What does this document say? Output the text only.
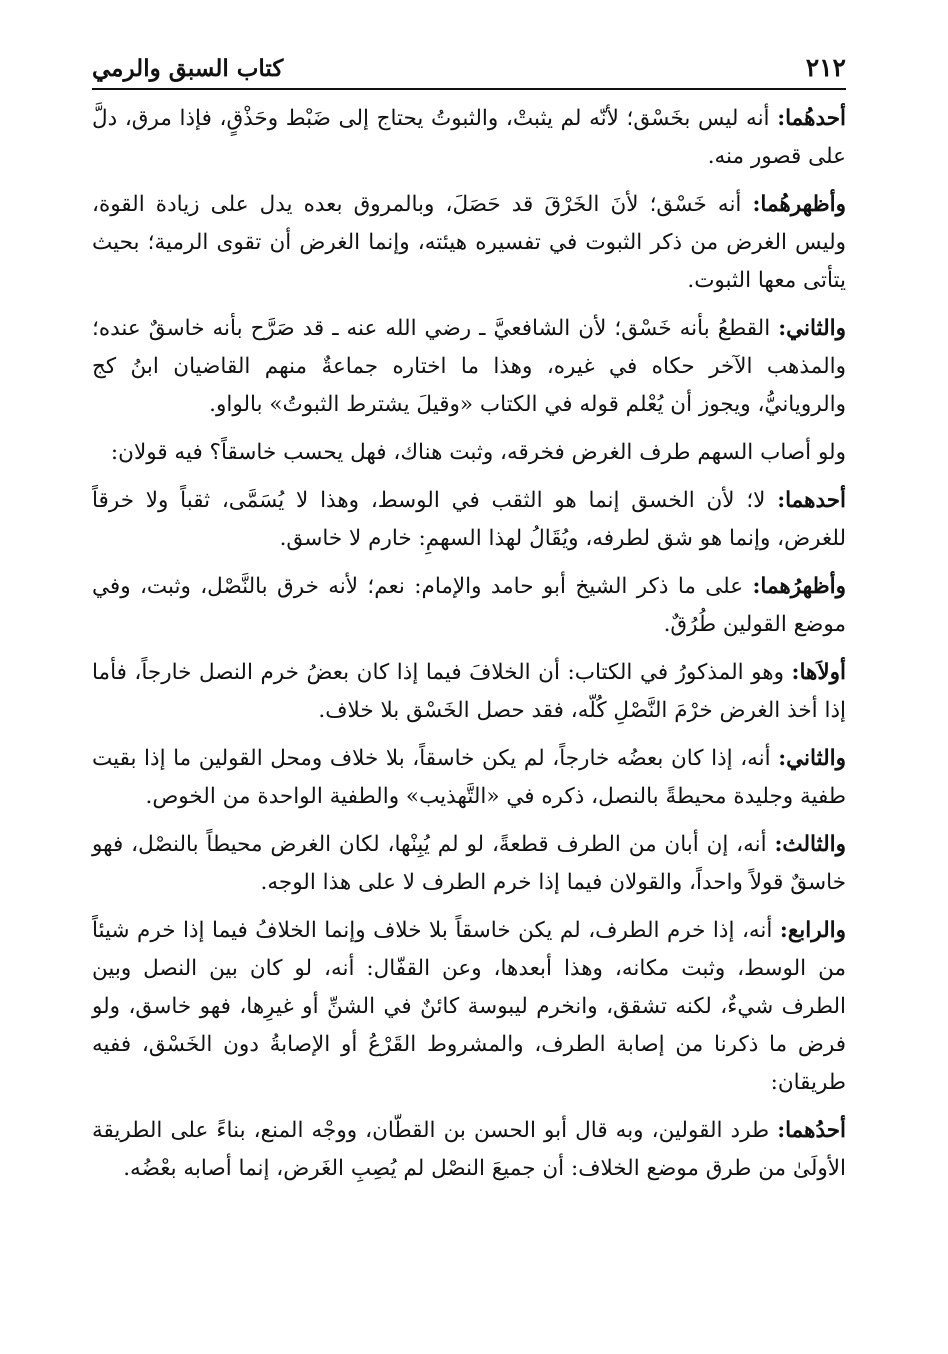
٢١٢
كتاب السبق والرمي

أحدهُما: أنه ليس بخَسْق؛ لأنّه لم يثبتْ، والثبوتُ يحتاج إلى ضَبْط وحَذْقٍ، فإذا مرق، دلَّ على قصور منه.

وأظهرهُما: أنه خَسْق؛ لأنَ الخَرْقَ قد حَصَلَ، وبالمروق بعده يدل على زيادة القوة، وليس الغرض من ذكر الثبوت في تفسيره هيئته، وإنما الغرض أن تقوى الرمية؛ بحيث يتأتى معها الثبوت.

والثاني: القطعُ بأنه خَسْق؛ لأن الشافعيَّ ـ رضي الله عنه ـ قد صَرَّح بأنه خاسقٌ عنده؛ والمذهب الآخر حكاه في غيره، وهذا ما اختاره جماعةٌ منهم القاضيان ابنُ كج والرويانيُّ، ويجوز أن يُعْلم قوله في الكتاب «وقيلَ يشترط الثبوتُ» بالواو.

ولو أصاب السهم طرف الغرض فخرقه، وثبت هناك، فهل يحسب خاسقاً؟ فيه قولان:

أحدهما: لا؛ لأن الخسق إنما هو الثقب في الوسط، وهذا لا يُسَمَّى، ثقباً ولا خرقاً للغرض، وإنما هو شق لطرفه، ويُقَالُ لهذا السهمِ: خارم لا خاسق.

وأظهرُهما: على ما ذكر الشيخ أبو حامد والإمام: نعم؛ لأنه خرق بالنَّصْل، وثبت، وفي موضع القولين طُرُقٌ.

أولاَها: وهو المذكورُ في الكتاب: أن الخلافَ فيما إذا كان بعضُ خرم النصل خارجاً، فأما إذا أخذ الغرض خرْمَ النَّصْلِ كُلّه، فقد حصل الخَسْق بلا خلاف.

والثاني: أنه، إذا كان بعضُه خارجاً، لم يكن خاسقاً، بلا خلاف ومحل القولين ما إذا بقيت طفية وجليدة محيطةً بالنصل، ذكره في «التَّهذيب» والطفية الواحدة من الخوص.

والثالث: أنه، إن أبان من الطرف قطعةً، لو لم يُبِنْها، لكان الغرض محيطاً بالنصْل، فهو خاسقٌ قولاً واحداً، والقولان فيما إذا خرم الطرف لا على هذا الوجه.

والرابع: أنه، إذا خرم الطرف، لم يكن خاسقاً بلا خلاف وإنما الخلافُ فيما إذا خرم شيئاً من الوسط، وثبت مكانه، وهذا أبعدها، وعن القفّال: أنه، لو كان بين النصل وبين الطرف شيءٌ، لكنه تشقق، وانخرم ليبوسة كائنٌ في الشنِّ أو غيرِها، فهو خاسق، ولو فرض ما ذكرنا من إصابة الطرف، والمشروط القَرْعُ أو الإصابةُ دون الخَسْق، ففيه طريقان:

أحدُهما: طرد القولين، وبه قال أبو الحسن بن القطّان، ووجْه المنع، بناءً على الطريقة الأولَىٰ من طرق موضع الخلاف: أن جميعَ النصْل لم يُصِبِ الغَرض، إنما أصابه بعْضُه.
